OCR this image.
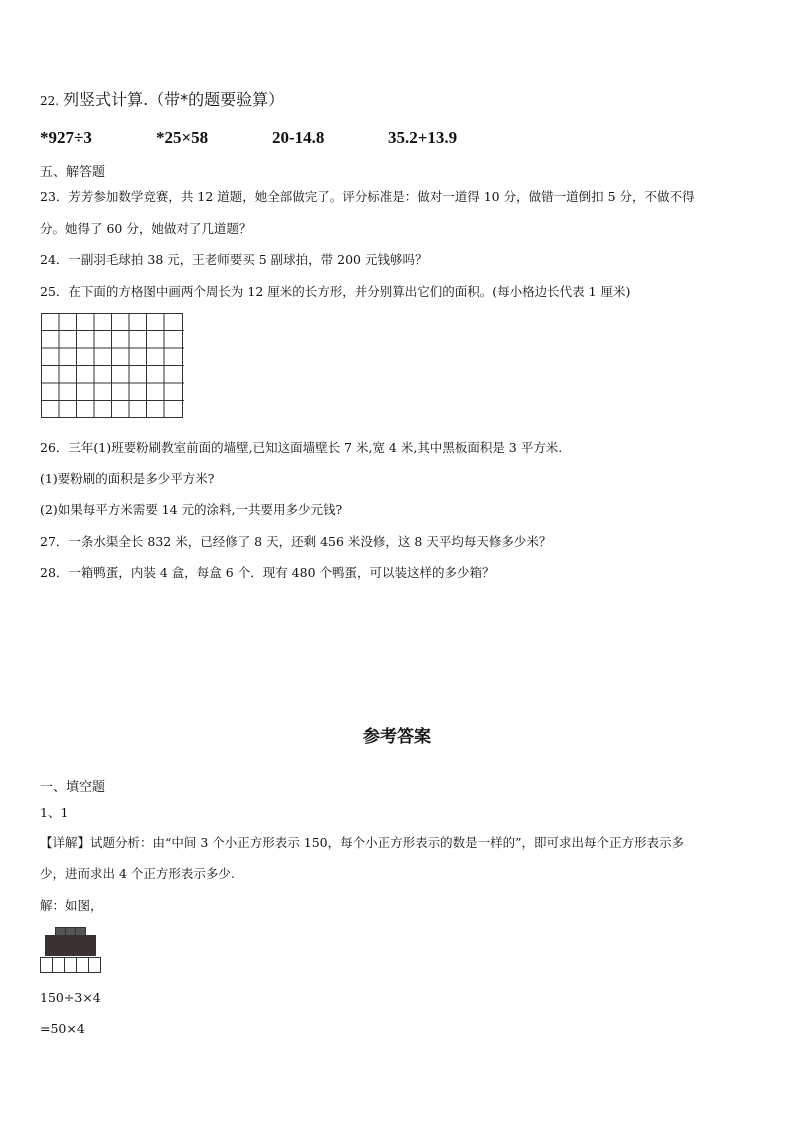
22. 列竖式计算.（带*的题要验算）
*927÷3	*25×58	20-14.8	35.2+13.9
五、解答题
23．芳芳参加数学竞赛，共 12 道题，她全部做完了。评分标准是：做对一道得 10 分，做错一道倒扣 5 分，不做不得
分。她得了 60 分，她做对了几道题？
24．一副羽毛球拍 38 元，王老师要买 5 副球拍，带 200 元钱够吗？
25．在下面的方格图中画两个周长为 12 厘米的长方形，并分别算出它们的面积。(每小格边长代表 1 厘米)
26．三年(1)班要粉刷教室前面的墙壁,已知这面墙壁长 7 米,宽 4 米,其中黑板面积是 3 平方米.
(1)要粉刷的面积是多少平方米?
(2)如果每平方米需要 14 元的涂料,一共要用多少元钱?
27．一条水渠全长 832 米，已经修了 8 天，还剩 456 米没修，这 8 天平均每天修多少米？
28．一箱鸭蛋，内装 4 盒，每盒 6 个．现有 480 个鸭蛋，可以装这样的多少箱？
参考答案
一、填空题
1、1
【详解】试题分析：由“中间 3 个小正方形表示 150，每个小正方形表示的数是一样的”，即可求出每个正方形表示多
少，进而求出 4 个正方形表示多少.
解：如图，
150÷3×4
=50×4
